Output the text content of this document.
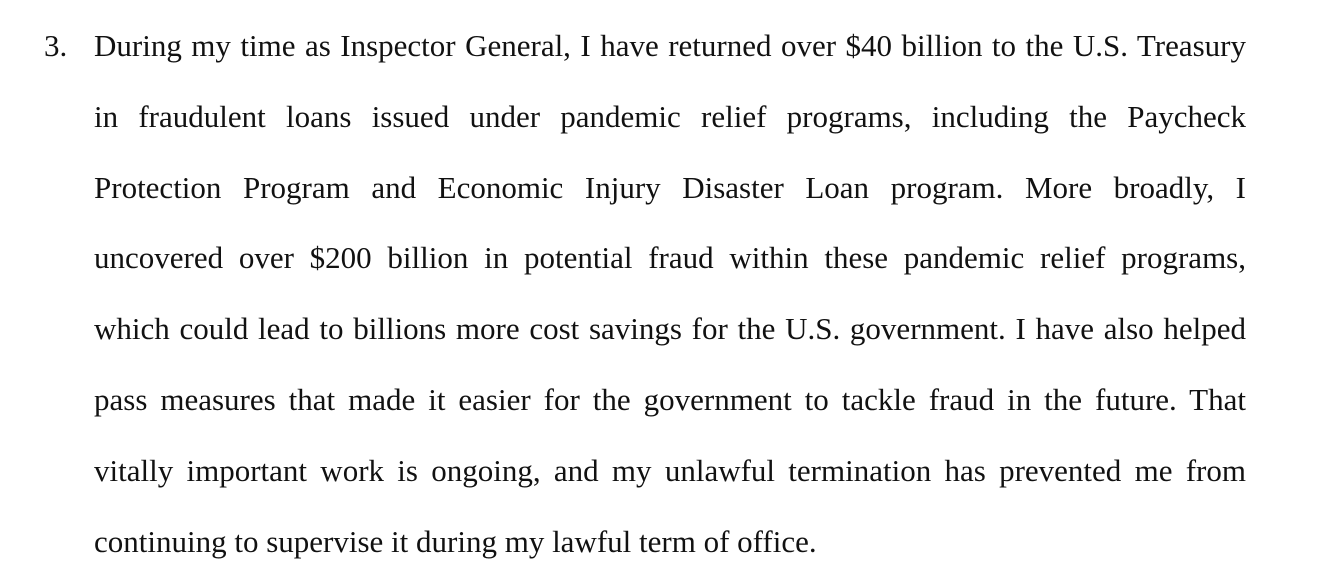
3. During my time as Inspector General, I have returned over $40 billion to the U.S. Treasury
in fraudulent loans issued under pandemic relief programs, including the Paycheck
Protection Program and Economic Injury Disaster Loan program. More broadly, I
uncovered over $200 billion in potential fraud within these pandemic relief programs,
which could lead to billions more cost savings for the U.S. government. I have also helped
pass measures that made it easier for the government to tackle fraud in the future. That
vitally important work is ongoing, and my unlawful termination has prevented me from
continuing to supervise it during my lawful term of office.
